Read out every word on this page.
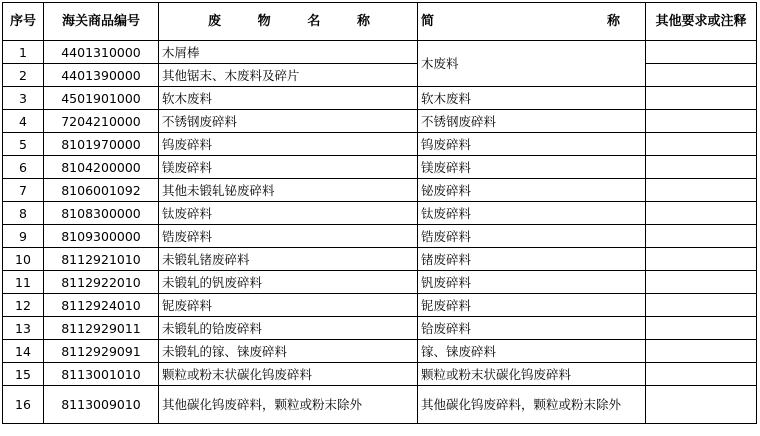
序号	海关商品编号	废 物 名 称	简 称	其他要求或注释
1	4401310000	木屑棒	木废料	
2	4401390000	其他锯末、木废料及碎片		
3	4501901000	软木废料	软木废料	
4	7204210000	不锈钢废碎料	不锈钢废碎料	
5	8101970000	钨废碎料	钨废碎料	
6	8104200000	镁废碎料	镁废碎料	
7	8106001092	其他未锻轧铋废碎料	铋废碎料	
8	8108300000	钛废碎料	钛废碎料	
9	8109300000	锆废碎料	锆废碎料	
10	8112921010	未锻轧锗废碎料	锗废碎料	
11	8112922010	未锻轧的钒废碎料	钒废碎料	
12	8112924010	铌废碎料	铌废碎料	
13	8112929011	未锻轧的铪废碎料	铪废碎料	
14	8112929091	未锻轧的镓、铼废碎料	镓、铼废碎料	
15	8113001010	颗粒或粉末状碳化钨废碎料	颗粒或粉末状碳化钨废碎料	
16	8113009010	其他碳化钨废碎料，颗粒或粉末除外	其他碳化钨废碎料，颗粒或粉末除外	
